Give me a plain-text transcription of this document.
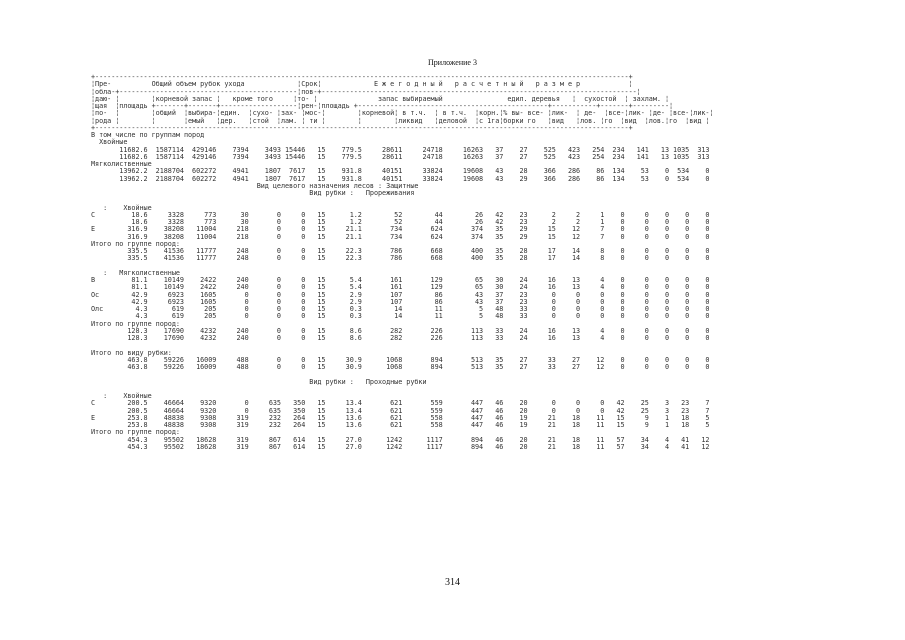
Приложение 3
+------------------------------------------------------------------------------------------------------------------------------------+
¦Пре-          Общий объем рубок ухода             ¦Срок¦             Е ж е г о д н ы й   р а с ч е т н ы й   р а з м е р            ¦
¦обла-+--------------------------------------------¦пов-+------------------------------------------------------------------------------¦
¦даю- ¦        ¦корневой запас ¦   кроме того     ¦то- ¦               запас выбираемый                едил. деревья   ¦  сухостой  ¦ захлам. ¦
¦щая  ¦площадь +-------+-------+-------------------¦рен-¦площадь +-----------------------------------------------+-----------+-------+---------¦
¦по-  ¦        ¦общий  ¦выбира-¦един.  ¦сухо- ¦зах- ¦мос-¦        ¦корневой¦ в т.ч.  ¦ в т.ч.  ¦корн.¦% вы- всe- ¦лик-  ¦ де-  ¦все-¦лик- ¦де- ¦все-¦лик-¦
¦рода ¦        ¦       ¦емый   ¦дер.   ¦стой  ¦лам. ¦ ти ¦        ¦        ¦ликвид   ¦деловой  ¦с 1га¦борки го   ¦вид   ¦лов. ¦го  ¦вид  ¦лов.¦го  ¦вид ¦
+------------------------------------------------------------------------------------------------------------------------------------+
В том числе по группам пород
Хвойные
11682.6  1587114  429146    7394    3493 15446   15    779.5     28611     24718     16263   37    27    525   423   254  234   141   13 1035  313
11682.6  1587114  429146    7394    3493 15446   15    779.5     28611     24718     16263   37    27    525   423   254  234   141   13 1035  313
Мягколиственные
13962.2  2188704  602272    4941    1807  7617   15    931.8     40151     33824     19608   43    28    366   286    86  134    53    0  534    0
13962.2  2188704  602272    4941    1807  7617   15    931.8     40151     33824     19608   43    29    366   286    86  134    53    0  534    0
Вид целевого назначения лесов : Защитные
Вид рубки :   Прореживания
:    Хвойные
С         18.6     3328     773      30       0     0   15      1.2        52        44        26   42    23      2     2     1    0     0    0    0    0
18.6     3328     773      30       0     0   15      1.2        52        44        26   42    23      2     2     1    0     0    0    0    0
Е        316.9    38208   11004     218       0     0   15     21.1       734       624       374   35    29     15    12     7    0     0    0    0    0
316.9    38208   11004     218       0     0   15     21.1       734       624       374   35    29     15    12     7    0     0    0    0    0
Итого по группе пород:
335.5    41536   11777     248       0     0   15     22.3       786       668       400   35    28     17    14     8    0     0    0    0    0
335.5    41536   11777     248       0     0   15     22.3       786       668       400   35    28     17    14     8    0     0    0    0    0
:   Мягколиственные
В         81.1    10149    2422     240       0     0   15      5.4       161       129        65   30    24     16    13     4    0     0    0    0    0
81.1    10149    2422     240       0     0   15      5.4       161       129        65   30    24     16    13     4    0     0    0    0    0
Ос        42.9     6923    1605       0       0     0   15      2.9       107        86        43   37    23      0     0     0    0     0    0    0    0
42.9     6923    1605       0       0     0   15      2.9       107        86        43   37    23      0     0     0    0     0    0    0    0
Олс        4.3      619     205       0       0     0   15      0.3        14        11         5   48    33      0     0     0    0     0    0    0    0
4.3      619     205       0       0     0   15      0.3        14        11         5   48    33      0     0     0    0     0    0    0    0
Итого по группе пород:
128.3    17690    4232     240       0     0   15      8.6       282       226       113   33    24     16    13     4    0     0    0    0    0
128.3    17690    4232     240       0     0   15      8.6       282       226       113   33    24     16    13     4    0     0    0    0    0
Итого по виду рубки:
463.8    59226   16009     488       0     0   15     30.9      1068       894       513   35    27     33    27    12    0     0    0    0    0
463.8    59226   16009     488       0     0   15     30.9      1068       894       513   35    27     33    27    12    0     0    0    0    0
Вид рубки :   Проходные рубки
:    Хвойные
С        200.5    46664    9320       0     635   350   15     13.4       621       559       447   46    20      0     0     0   42    25    3   23    7
200.5    46664    9320       0     635   350   15     13.4       621       559       447   46    20      0     0     0   42    25    3   23    7
Е        253.8    48838    9308     319     232   264   15     13.6       621       558       447   46    19     21    18    11   15     9    1   18    5
253.8    48838    9308     319     232   264   15     13.6       621       558       447   46    19     21    18    11   15     9    1   18    5
Итого по группе пород:
454.3    95502   18628     319     867   614   15     27.0      1242      1117       894   46    20     21    18    11   57    34    4   41   12
454.3    95502   18628     319     867   614   15     27.0      1242      1117       894   46    20     21    18    11   57    34    4   41   12
314
